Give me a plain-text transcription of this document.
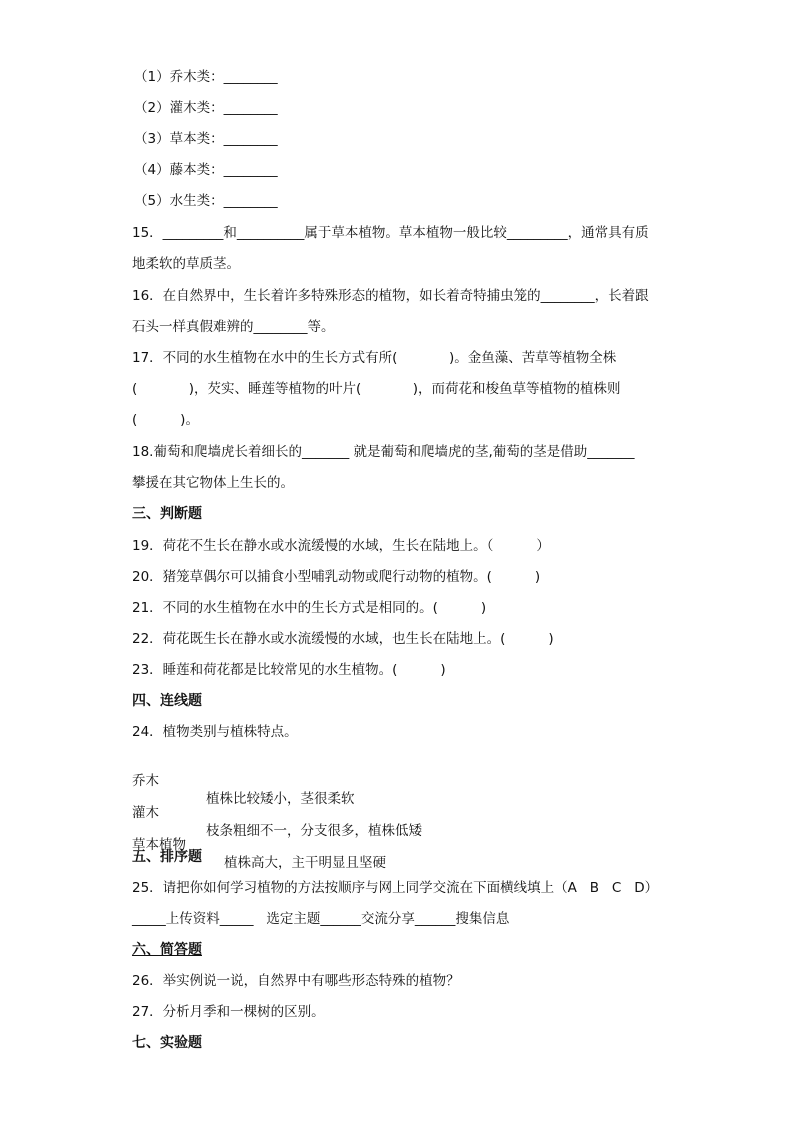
（1）乔木类：________
（2）灌木类：________
（3）草本类：________
（4）藤本类：________
（5）水生类：________
15．_________和__________属于草本植物。草本植物一般比较_________，通常具有质
地柔软的草质茎。
16．在自然界中，生长着许多特殊形态的植物，如长着奇特捕虫笼的________，长着跟
石头一样真假难辨的________等。
17．不同的水生植物在水中的生长方式有所(            )。金鱼藻、苦草等植物全株
(            )，芡实、睡莲等植物的叶片(            )，而荷花和梭鱼草等植物的植株则
(          )。
18.葡萄和爬墙虎长着细长的_______ 就是葡萄和爬墙虎的茎,葡萄的茎是借助_______
攀援在其它物体上生长的。
三、判断题
19．荷花不生长在静水或水流缓慢的水域，生长在陆地上。（          ）
20．猪笼草偶尔可以捕食小型哺乳动物或爬行动物的植物。(          )
21．不同的水生植物在水中的生长方式是相同的。(          )
22．荷花既生长在静水或水流缓慢的水域，也生长在陆地上。(          )
23．睡莲和荷花都是比较常见的水生植物。(          )
四、连线题
24．植物类别与植株特点。

乔木

植株比较矮小，茎很柔软

灌木

枝条粗细不一，分支很多，植株低矮

草本植物

植株高大，主干明显且坚硬

五、排序题
25．请把你如何学习植物的方法按顺序与网上同学交流在下面横线填上（A   B   C   D）
_____上传资料_____   选定主题______交流分享______搜集信息
六、简答题
26．举实例说一说，自然界中有哪些形态特殊的植物？
27．分析月季和一棵树的区别。
七、实验题
